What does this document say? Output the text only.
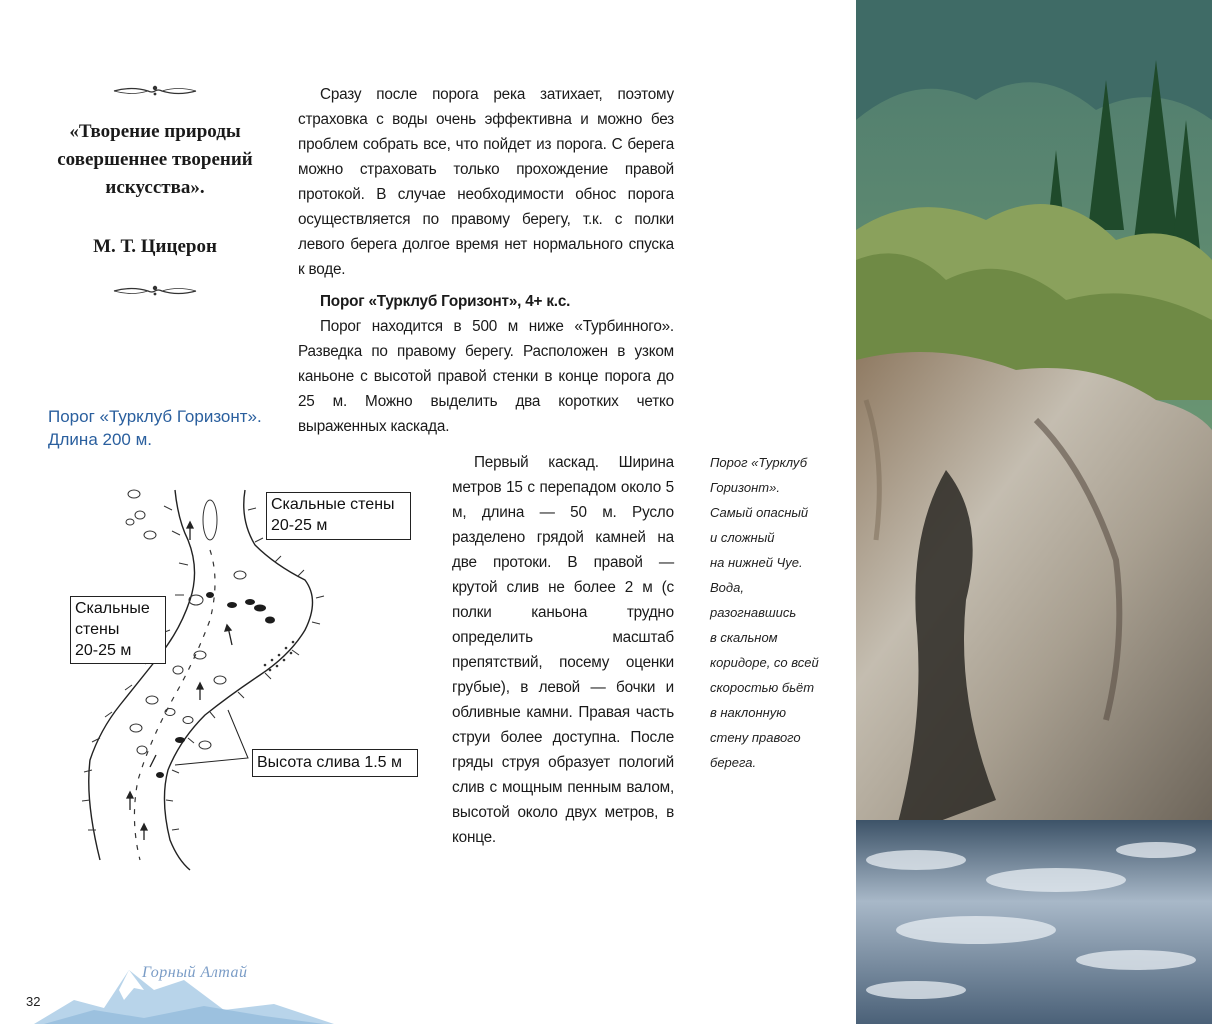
«Творение природы
совершеннее творений
искусства».
М. Т. Цицерон

Сразу после порога река затихает, поэтому страховка с воды очень эффективна и можно без проблем собрать все, что пойдет из порога. С берега можно страховать только прохождение правой протокой. В случае необходимости обнос порога осуществляется по правому берегу, т.к. с полки левого берега долгое время нет нормального спуска к воде.

Порог «Турклуб Горизонт», 4+ к.с.

Порог находится в 500 м ниже «Турбинного». Разведка по правому берегу. Расположен в узком каньоне с высотой правой стенки в конце порога до 25 м. Можно выделить два коротких четко выраженных каскада.

Порог «Турклуб Горизонт».
Длина 200 м.

Первый каскад. Ширина метров 15 с перепадом около 5 м, длина — 50 м. Русло разделено грядой камней на две протоки. В правой — крутой слив не более 2 м (с полки каньона трудно определить масштаб препятствий, посему оценки грубые), в левой — бочки и обливные камни. Правая часть струи более доступна. После гряды струя образует пологий слив с мощным пенным валом, высотой около двух метров, в конце.

Порог «Турклуб
Горизонт».
Самый опасный
и сложный
на нижней Чуе.
Вода,
разогнавшись
в скальном
коридоре, со всей
скоростью бьёт
в наклонную
стену правого
берега.
Скальные стены
20-25 м
Скальные
стены
20-25 м
Высота слива 1.5 м
Горный Алтай
32
